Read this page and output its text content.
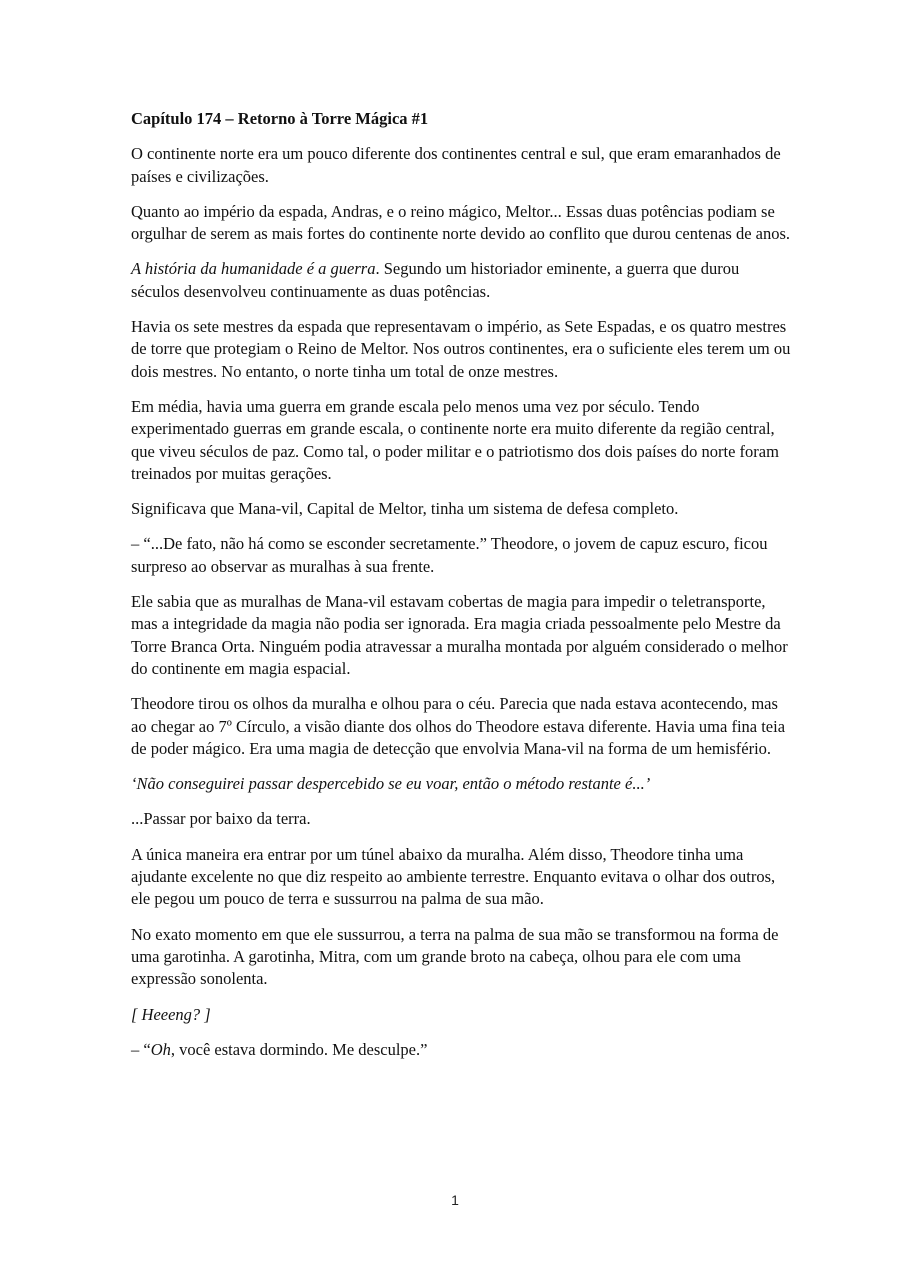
Capítulo 174 – Retorno à Torre Mágica #1

O continente norte era um pouco diferente dos continentes central e sul, que eram emaranhados de países e civilizações.

Quanto ao império da espada, Andras, e o reino mágico, Meltor... Essas duas potências podiam se orgulhar de serem as mais fortes do continente norte devido ao conflito que durou centenas de anos.

A história da humanidade é a guerra. Segundo um historiador eminente, a guerra que durou séculos desenvolveu continuamente as duas potências.

Havia os sete mestres da espada que representavam o império, as Sete Espadas, e os quatro mestres de torre que protegiam o Reino de Meltor. Nos outros continentes, era o suficiente eles terem um ou dois mestres. No entanto, o norte tinha um total de onze mestres.

Em média, havia uma guerra em grande escala pelo menos uma vez por século. Tendo experimentado guerras em grande escala, o continente norte era muito diferente da região central, que viveu séculos de paz. Como tal, o poder militar e o patriotismo dos dois países do norte foram treinados por muitas gerações.

Significava que Mana-vil, Capital de Meltor, tinha um sistema de defesa completo.

– “...De fato, não há como se esconder secretamente.” Theodore, o jovem de capuz escuro, ficou surpreso ao observar as muralhas à sua frente.

Ele sabia que as muralhas de Mana-vil estavam cobertas de magia para impedir o teletransporte, mas a integridade da magia não podia ser ignorada. Era magia criada pessoalmente pelo Mestre da Torre Branca Orta. Ninguém podia atravessar a muralha montada por alguém considerado o melhor do continente em magia espacial.

Theodore tirou os olhos da muralha e olhou para o céu. Parecia que nada estava acontecendo, mas ao chegar ao 7º Círculo, a visão diante dos olhos do Theodore estava diferente. Havia uma fina teia de poder mágico. Era uma magia de detecção que envolvia Mana-vil na forma de um hemisfério.

‘Não conseguirei passar despercebido se eu voar, então o método restante é...’

...Passar por baixo da terra.

A única maneira era entrar por um túnel abaixo da muralha. Além disso, Theodore tinha uma ajudante excelente no que diz respeito ao ambiente terrestre. Enquanto evitava o olhar dos outros, ele pegou um pouco de terra e sussurrou na palma de sua mão.

No exato momento em que ele sussurrou, a terra na palma de sua mão se transformou na forma de uma garotinha. A garotinha, Mitra, com um grande broto na cabeça, olhou para ele com uma expressão sonolenta.

[ Heeeng? ]

– “Oh, você estava dormindo. Me desculpe.”

1
